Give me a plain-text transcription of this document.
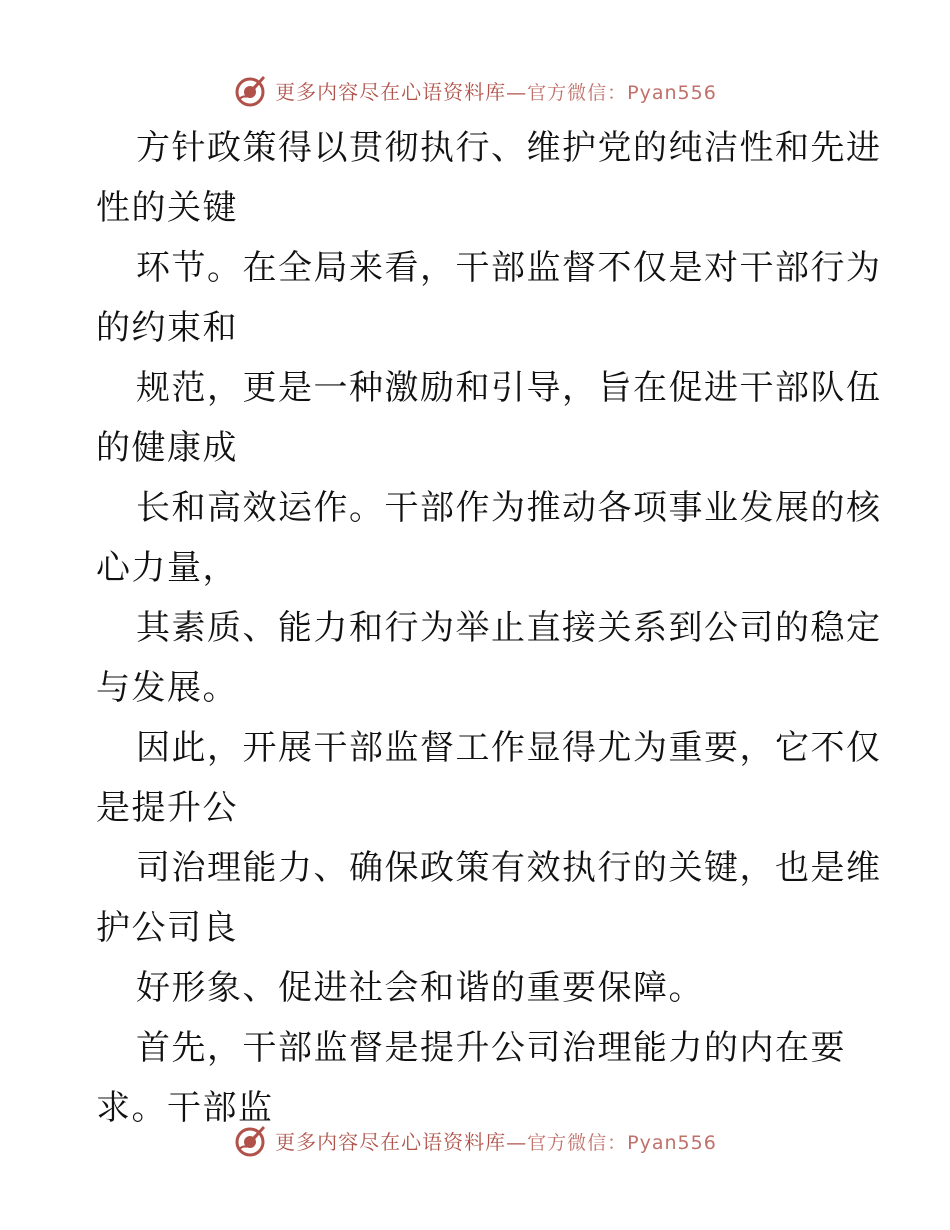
更多内容尽在心语资料库—官方微信：Pyan556
方针政策得以贯彻执行、维护党的纯洁性和先进
性的关键
环节。在全局来看，干部监督不仅是对干部行为
的约束和
规范，更是一种激励和引导，旨在促进干部队伍
的健康成
长和高效运作。干部作为推动各项事业发展的核
心力量，
其素质、能力和行为举止直接关系到公司的稳定
与发展。
因此，开展干部监督工作显得尤为重要，它不仅
是提升公
司治理能力、确保政策有效执行的关键，也是维
护公司良
好形象、促进社会和谐的重要保障。
首先，干部监督是提升公司治理能力的内在要
求。干部监
更多内容尽在心语资料库—官方微信：Pyan556
